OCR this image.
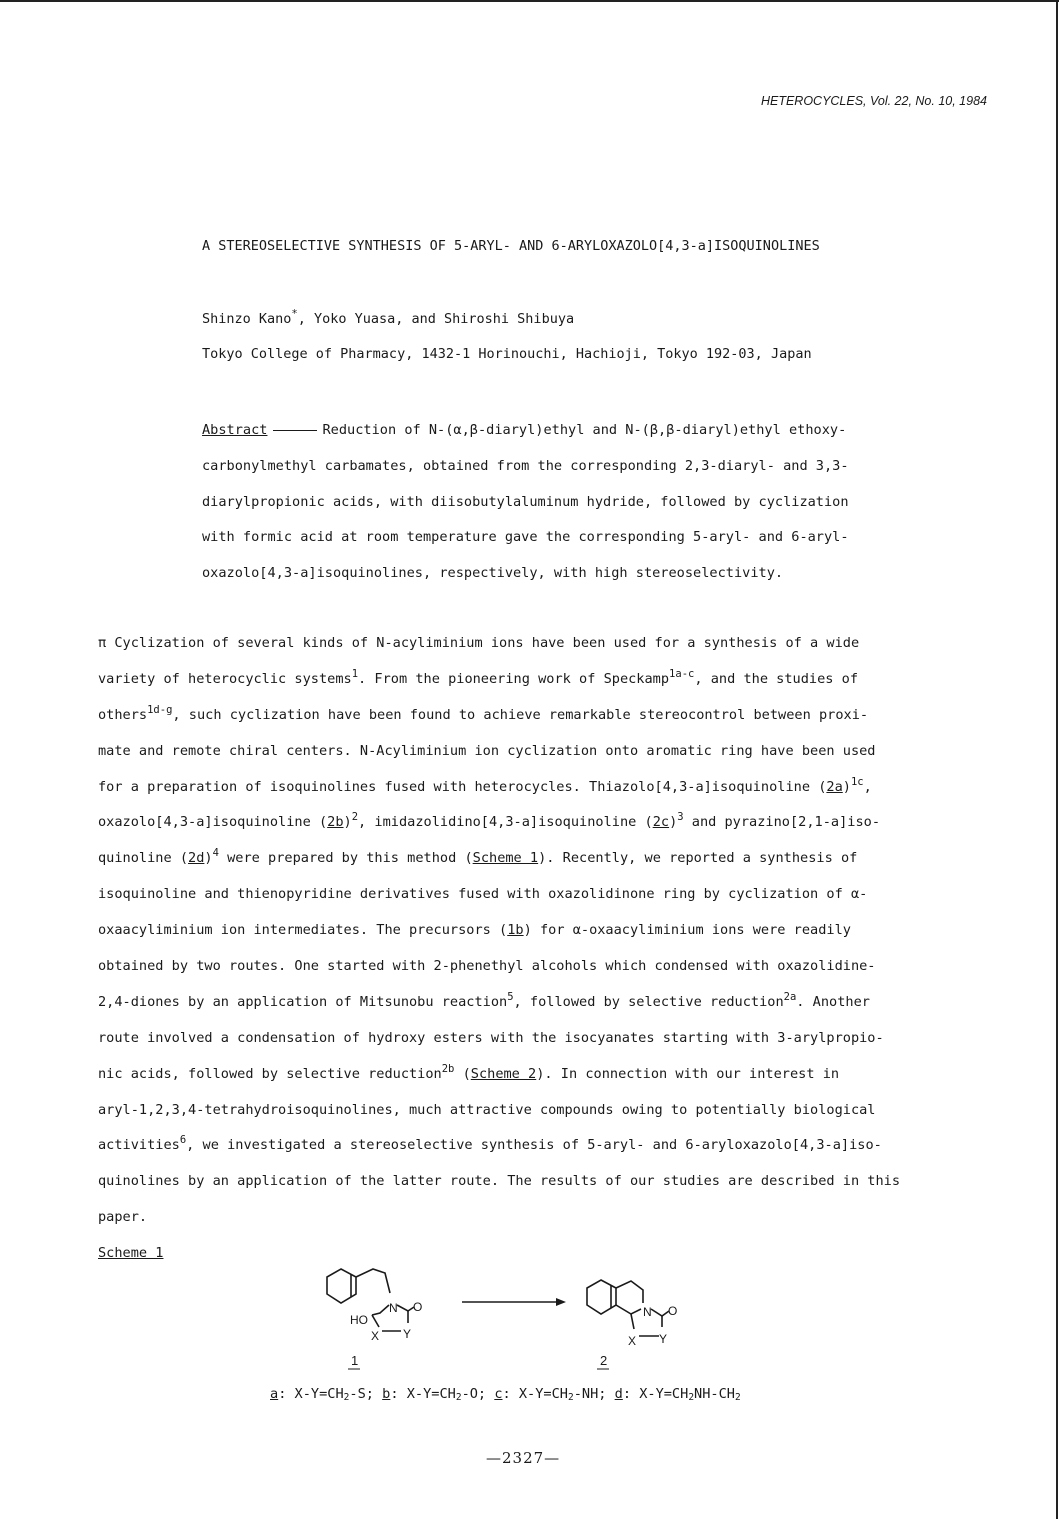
HETEROCYCLES, Vol. 22, No. 10, 1984
A STEREOSELECTIVE SYNTHESIS OF 5-ARYL- AND 6-ARYLOXAZOLO[4,3-a]ISOQUINOLINES
Shinzo Kano*, Yoko Yuasa, and Shiroshi Shibuya
Tokyo College of Pharmacy, 1432-1 Horinouchi, Hachioji, Tokyo 192-03, Japan
Abstract	Reduction of N-(α,β-diaryl)ethyl and N-(β,β-diaryl)ethyl ethoxy-
carbonylmethyl carbamates, obtained from the corresponding 2,3-diaryl- and 3,3-
diarylpropionic acids, with diisobutylaluminum hydride, followed by cyclization
with formic acid at room temperature gave the corresponding 5-aryl- and 6-aryl-
oxazolo[4,3-a]isoquinolines, respectively, with high stereoselectivity.
π Cyclization of several kinds of N-acyliminium ions have been used for a synthesis of a wide
variety of heterocyclic systems$^1$. From the pioneering work of Speckamp$^{1a-c}$, and the studies of
others$^{1d-g}$, such cyclization have been found to achieve remarkable stereocontrol between proxi-
mate and remote chiral centers. N-Acyliminium ion cyclization onto aromatic ring have been used
for a preparation of isoquinolines fused with heterocycles. Thiazolo[4,3-a]isoquinoline $(2a)^{1c}$,
oxazolo[4,3-a]isoquinoline $(2b)^2$, imidazolidino[4,3-a]isoquinoline $(2c)^3$ and pyrazino[2,1-a]iso-
quinoline $(2d)^4$ were prepared by this method (Scheme 1). Recently, we reported a synthesis of
isoquinoline and thienopyridine derivatives fused with oxazolidinone ring by cyclization of α-
oxaacyliminium ion intermediates. The precursors (1b) for α-oxaacyliminium ions were readily
obtained by two routes. One started with 2-phenethyl alcohols which condensed with oxazolidine-
2,4-diones by an application of Mitsunobu reaction$^5$, followed by selective reduction$^{2a}$. Another
route involved a condensation of hydroxy esters with the isocyanates starting with 3-arylpropio-
nic acids, followed by selective reduction$^{2b}$ (Scheme 2). In connection with our interest in
aryl-1,2,3,4-tetrahydroisoquinolines, much attractive compounds owing to potentially biological
activities$^6$, we investigated a stereoselective synthesis of 5-aryl- and 6-aryloxazolo[4,3-a]iso-
quinolines by an application of the latter route. The results of our studies are described in this
paper.
Scheme 1
N O
HO
X Y
1
N O
X Y
2
a: $X-Y=CH_2-S$; b: $X-Y=CH_2-O$; c: $X-Y=CH_2-NH$; d: $X-Y=CH_2NH-CH_2$
—2327—
